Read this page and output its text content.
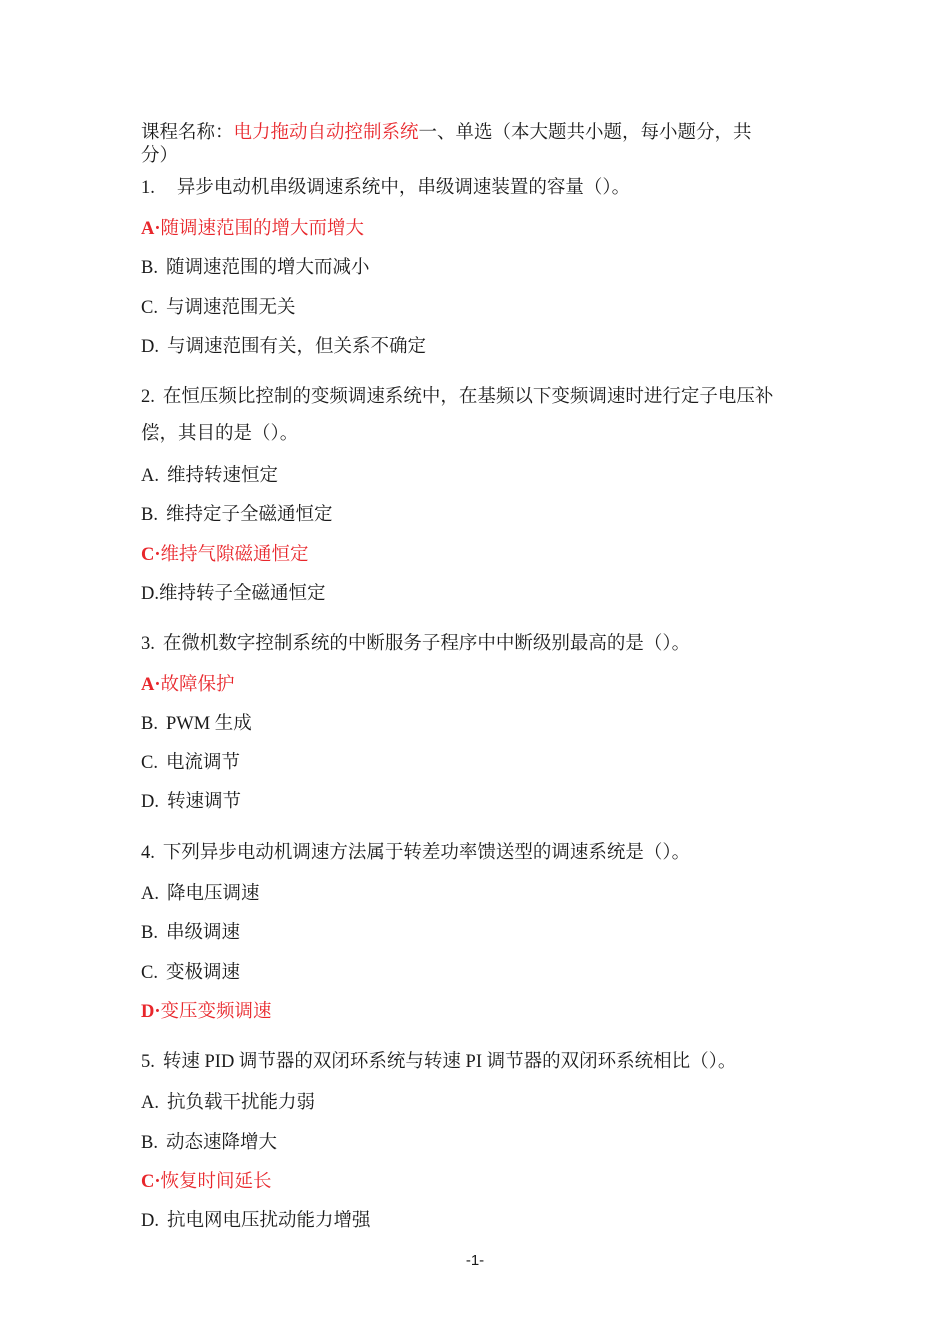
课程名称：电力拖动自动控制系统一、单选（本大题共小题，每小题分，共
分）
1. 异步电动机串级调速系统中，串级调速装置的容量（）。
A·随调速范围的增大而增大
B. 随调速范围的增大而减小
C. 与调速范围无关
D. 与调速范围有关，但关系不确定
2. 在恒压频比控制的变频调速系统中，在基频以下变频调速时进行定子电压补
偿，其目的是（）。
A. 维持转速恒定
B. 维持定子全磁通恒定
C·维持气隙磁通恒定
D.维持转子全磁通恒定
3. 在微机数字控制系统的中断服务子程序中中断级别最高的是（）。
A·故障保护
B. PWM 生成
C. 电流调节
D. 转速调节
4. 下列异步电动机调速方法属于转差功率馈送型的调速系统是（）。
A. 降电压调速
B. 串级调速
C. 变极调速
D·变压变频调速
5. 转速 PID 调节器的双闭环系统与转速 PI 调节器的双闭环系统相比（）。
A. 抗负载干扰能力弱
B. 动态速降增大
C·恢复时间延长
D. 抗电网电压扰动能力增强
-1-
